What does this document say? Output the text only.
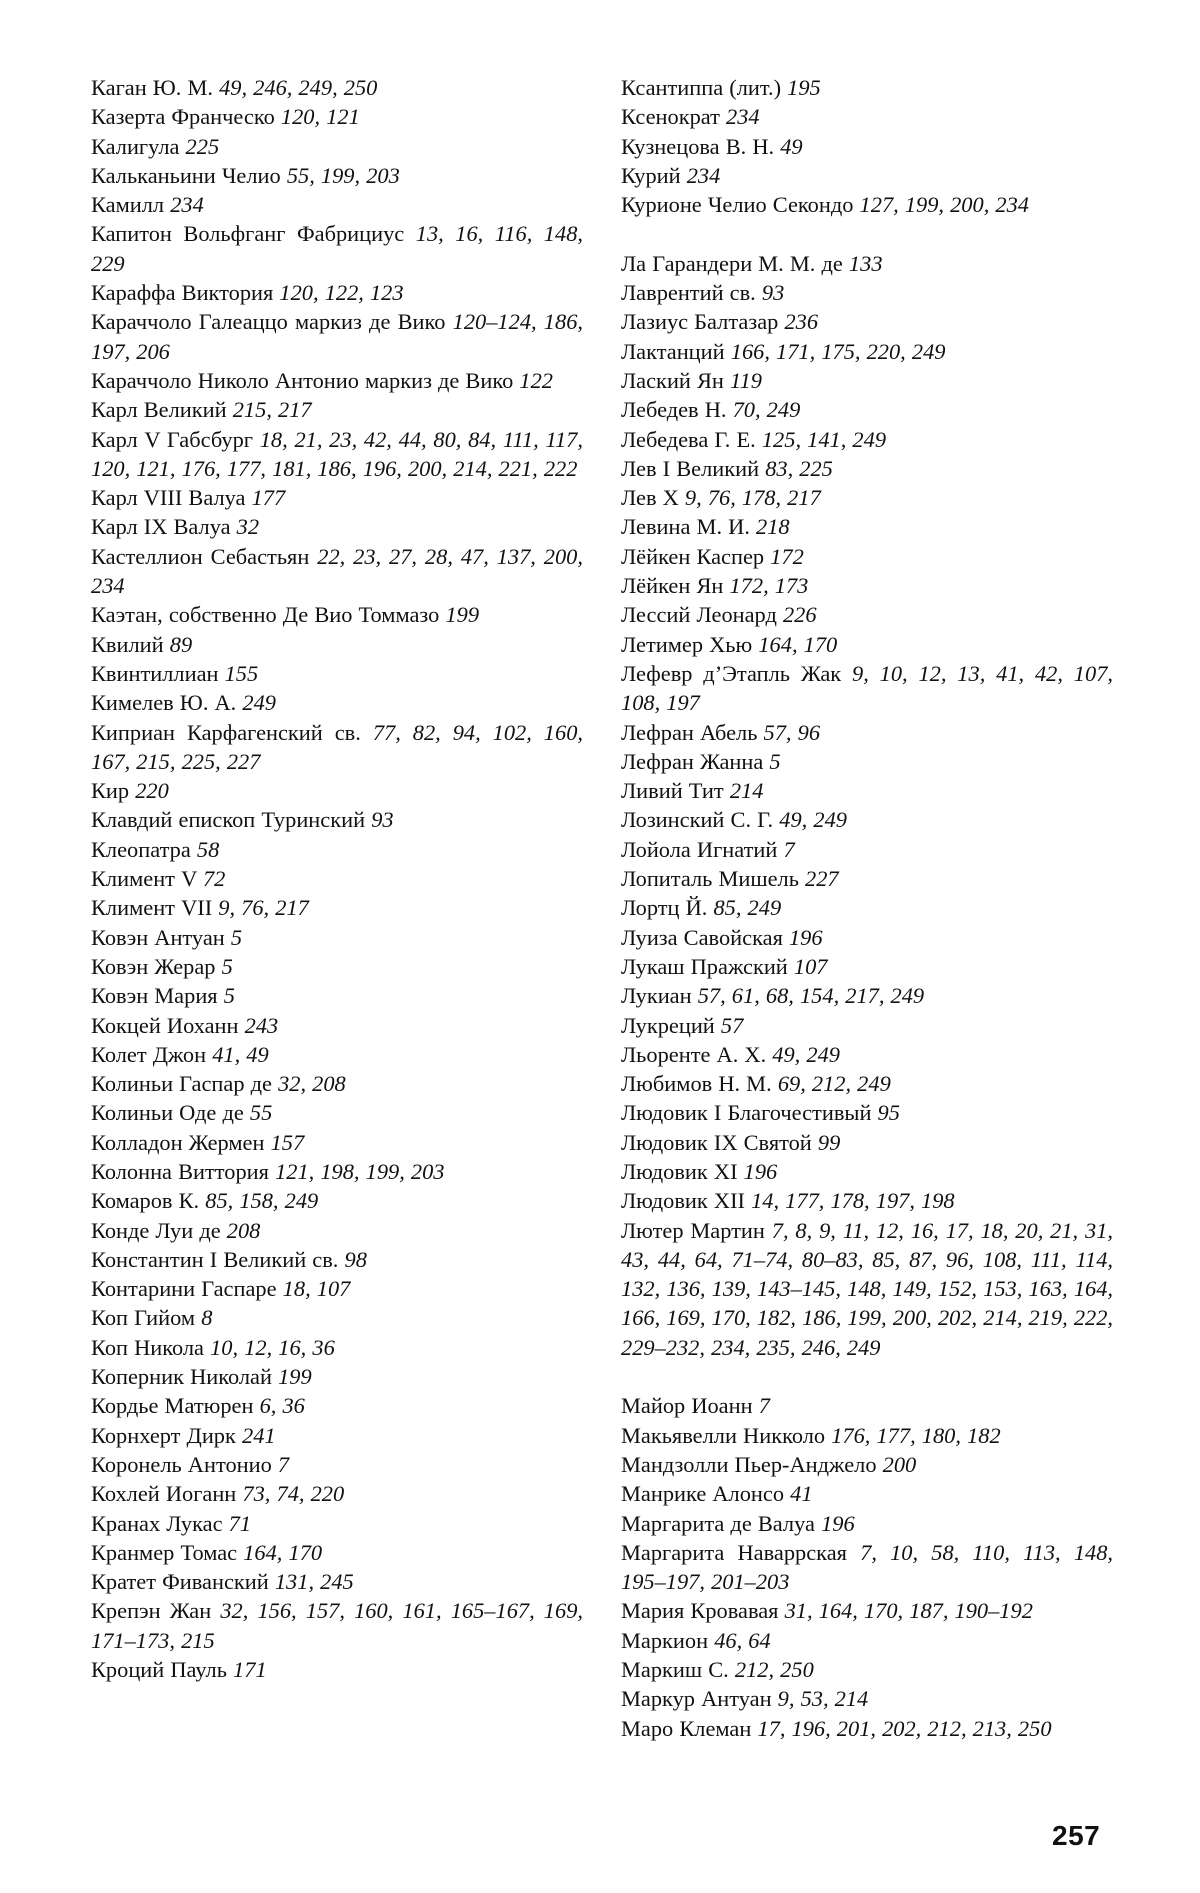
Каган Ю. М. 49, 246, 249, 250
Казерта Франческо 120, 121
Калигула 225
Кальканьини Челио 55, 199, 203
Камилл 234
Капитон Вольфганг Фабрициус 13, 16, 116, 148, 229
Караффа Виктория 120, 122, 123
Караччоло Галеаццо маркиз де Вико 120–124, 186, 197, 206
Караччоло Николо Антонио маркиз де Вико 122
Карл Великий 215, 217
Карл V Габсбург 18, 21, 23, 42, 44, 80, 84, 111, 117, 120, 121, 176, 177, 181, 186, 196, 200, 214, 221, 222
Карл VIII Валуа 177
Карл IX Валуа 32
Кастеллион Себастьян 22, 23, 27, 28, 47, 137, 200, 234
Каэтан, собственно Де Вио Томмазо 199
Квилий 89
Квинтиллиан 155
Кимелев Ю. А. 249
Киприан Карфагенский св. 77, 82, 94, 102, 160, 167, 215, 225, 227
Кир 220
Клавдий епископ Туринский 93
Клеопатра 58
Климент V 72
Климент VII 9, 76, 217
Ковэн Антуан 5
Ковэн Жерар 5
Ковэн Мария 5
Кокцей Иоханн 243
Колет Джон 41, 49
Колиньи Гаспар де 32, 208
Колиньи Оде де 55
Колладон Жермен 157
Колонна Виттория 121, 198, 199, 203
Комаров К. 85, 158, 249
Конде Луи де 208
Константин I Великий св. 98
Контарини Гаспаре 18, 107
Коп Гийом 8
Коп Никола 10, 12, 16, 36
Коперник Николай 199
Кордье Матюрен 6, 36
Корнхерт Дирк 241
Коронель Антонио 7
Кохлей Иоганн 73, 74, 220
Кранах Лукас 71
Кранмер Томас 164, 170
Кратет Фиванский 131, 245
Крепэн Жан 32, 156, 157, 160, 161, 165–167, 169, 171–173, 215
Кроций Пауль 171
Ксантиппа (лит.) 195
Ксенократ 234
Кузнецова В. Н. 49
Курий 234
Курионе Челио Секондо 127, 199, 200, 234
Ла Гарандери М. М. де 133
Лаврентий св. 93
Лазиус Балтазар 236
Лактанций 166, 171, 175, 220, 249
Лаский Ян 119
Лебедев Н. 70, 249
Лебедева Г. Е. 125, 141, 249
Лев I Великий 83, 225
Лев X 9, 76, 178, 217
Левина М. И. 218
Лёйкен Каспер 172
Лёйкен Ян 172, 173
Лессий Леонард 226
Летимер Хью 164, 170
Лефевр д’Этапль Жак 9, 10, 12, 13, 41, 42, 107, 108, 197
Лефран Абель 57, 96
Лефран Жанна 5
Ливий Тит 214
Лозинский С. Г. 49, 249
Лойола Игнатий 7
Лопиталь Мишель 227
Лортц Й. 85, 249
Луиза Савойская 196
Лукаш Пражский 107
Лукиан 57, 61, 68, 154, 217, 249
Лукреций 57
Льоренте А. Х. 49, 249
Любимов Н. М. 69, 212, 249
Людовик I Благочестивый 95
Людовик IX Святой 99
Людовик XI 196
Людовик XII 14, 177, 178, 197, 198
Лютер Мартин 7, 8, 9, 11, 12, 16, 17, 18, 20, 21, 31, 43, 44, 64, 71–74, 80–83, 85, 87, 96, 108, 111, 114, 132, 136, 139, 143–145, 148, 149, 152, 153, 163, 164, 166, 169, 170, 182, 186, 199, 200, 202, 214, 219, 222, 229–232, 234, 235, 246, 249
Майор Иоанн 7
Макьявелли Никколо 176, 177, 180, 182
Мандзолли Пьер-Анджело 200
Манрике Алонсо 41
Маргарита де Валуа 196
Маргарита Наваррская 7, 10, 58, 110, 113, 148, 195–197, 201–203
Мария Кровавая 31, 164, 170, 187, 190–192
Маркион 46, 64
Маркиш С. 212, 250
Маркур Антуан 9, 53, 214
Маро Клеман 17, 196, 201, 202, 212, 213, 250
257
